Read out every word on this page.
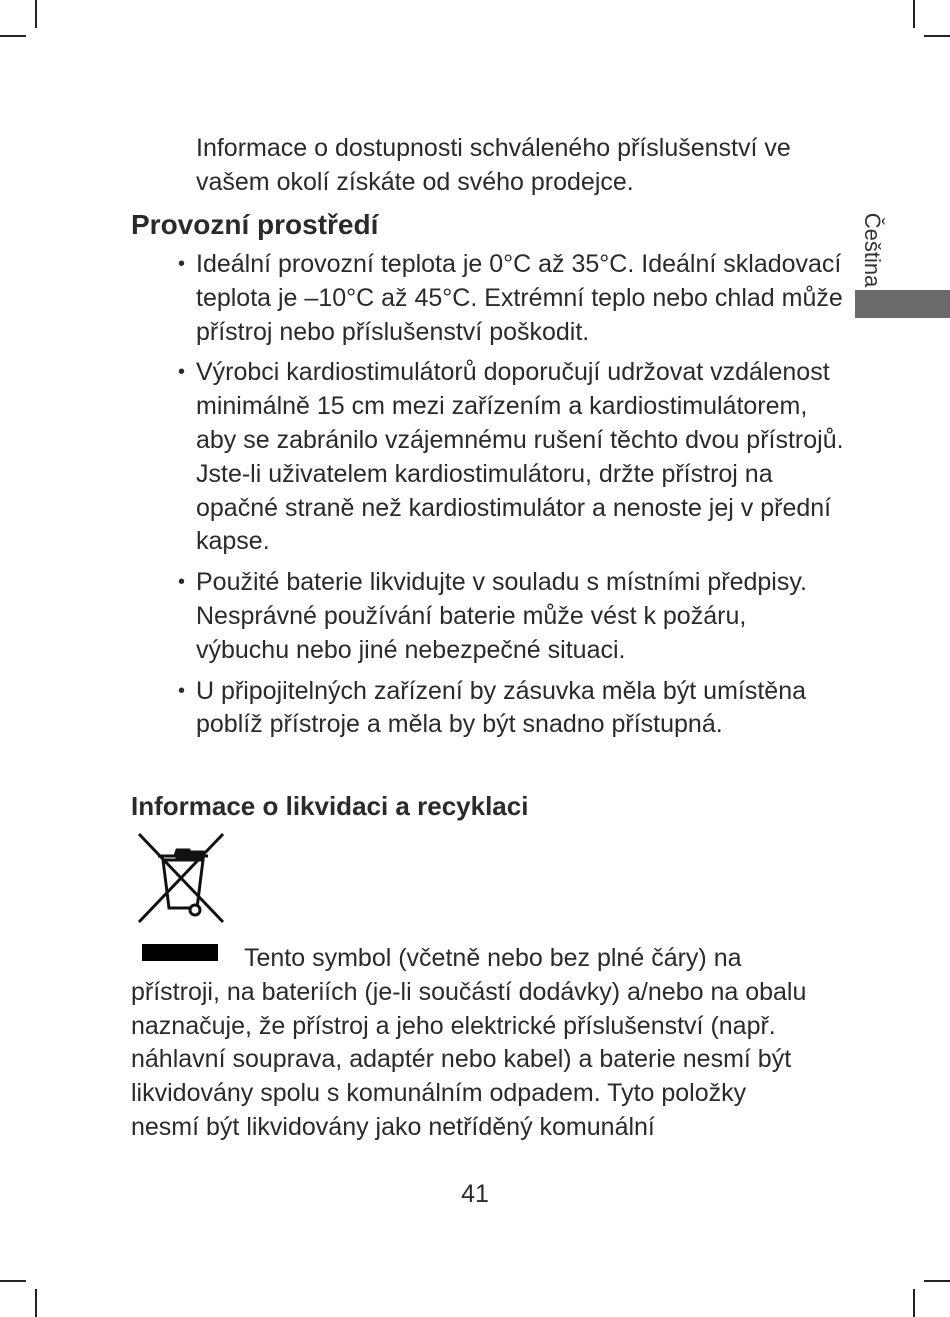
Čeština

Informace o dostupnosti schváleného příslušenství ve vašem okolí získáte od svého prodejce.

Provozní prostředí
• Ideální provozní teplota je 0°C až 35°C. Ideální skladovací teplota je –10°C až 45°C. Extrémní teplo nebo chlad může přístroj nebo příslušenství poškodit.
• Výrobci kardiostimulátorů doporučují udržovat vzdálenost minimálně 15 cm mezi zařízením a kardiostimulátorem, aby se zabránilo vzájemnému rušení těchto dvou přístrojů. Jste-li uživatelem kardiostimulátoru, držte přístroj na opačné straně než kardiostimulátor a nenoste jej v přední kapse.
• Použité baterie likvidujte v souladu s místními předpisy. Nesprávné používání baterie může vést k požáru, výbuchu nebo jiné nebezpečné situaci.
• U připojitelných zařízení by zásuvka měla být umístěna poblíž přístroje a měla by být snadno přístupná.
Informace o likvidaci a recyklaci

Tento symbol (včetně nebo bez plné čáry) na přístroji, na bateriích (je-li součástí dodávky) a/nebo na obalu naznačuje, že přístroj a jeho elektrické příslušenství (např. náhlavní souprava, adaptér nebo kabel) a baterie nesmí být likvidovány spolu s komunálním odpadem. Tyto položky nesmí být likvidovány jako netříděný komunální

41
